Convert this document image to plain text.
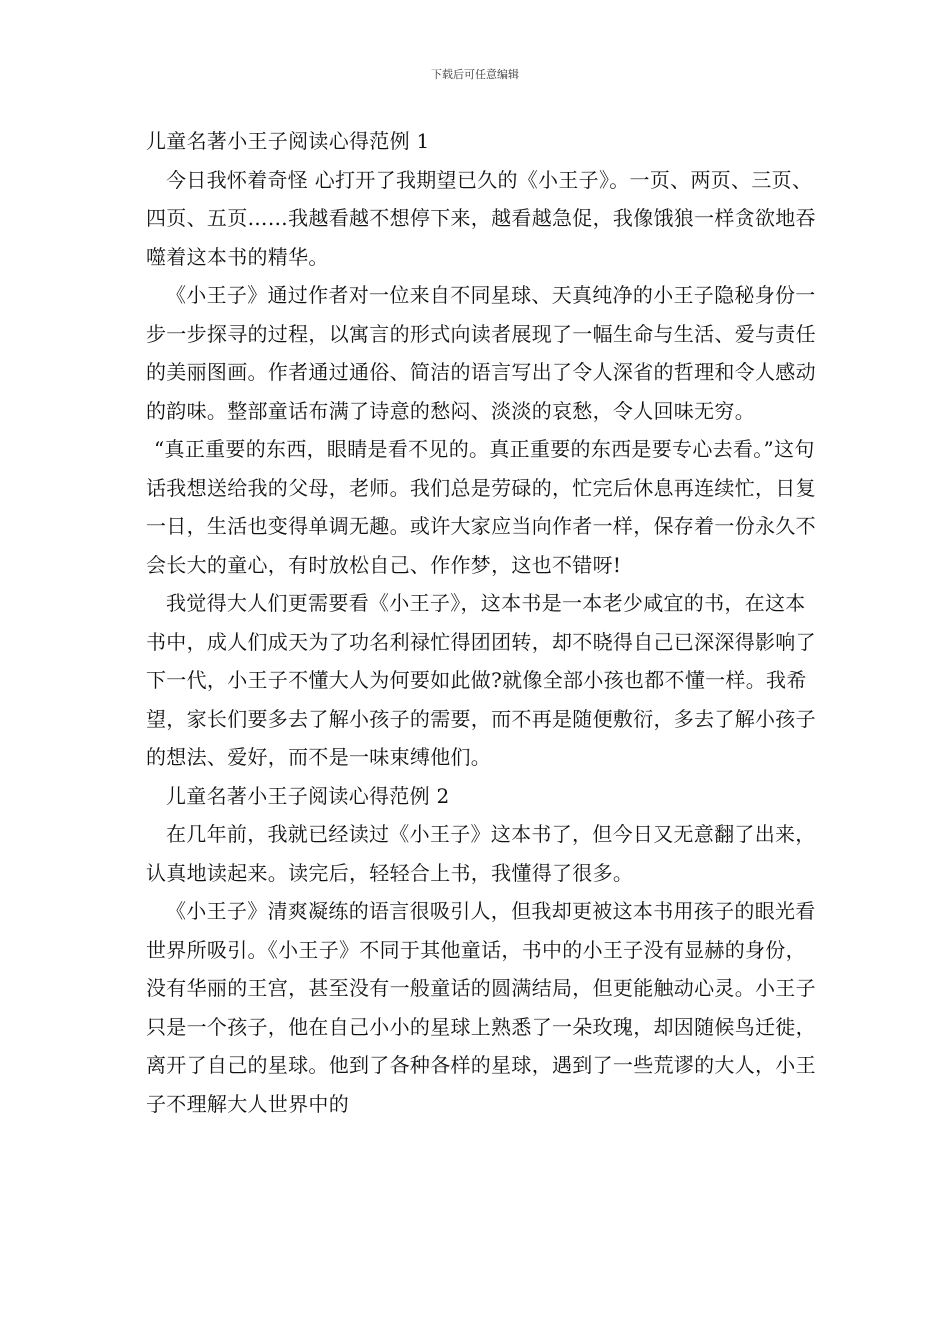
下载后可任意编辑

儿童名著小王子阅读心得范例 1

今日我怀着奇怪 心打开了我期望已久的《小王子》。一页、两页、三页、四页、五页……我越看越不想停下来，越看越急促，我像饿狼一样贪欲地吞噬着这本书的精华。

《小王子》通过作者对一位来自不同星球、天真纯净的小王子隐秘身份一步一步探寻的过程，以寓言的形式向读者展现了一幅生命与生活、爱与责任的美丽图画。作者通过通俗、简洁的语言写出了令人深省的哲理和令人感动的韵味。整部童话布满了诗意的愁闷、淡淡的哀愁，令人回味无穷。

“真正重要的东西，眼睛是看不见的。真正重要的东西是要专心去看。”这句话我想送给我的父母，老师。我们总是劳碌的，忙完后休息再连续忙，日复一日，生活也变得单调无趣。或许大家应当向作者一样，保存着一份永久不会长大的童心，有时放松自己、作作梦，这也不错呀!

我觉得大人们更需要看《小王子》，这本书是一本老少咸宜的书，在这本书中，成人们成天为了功名利禄忙得团团转，却不晓得自己已深深得影响了下一代，小王子不懂大人为何要如此做?就像全部小孩也都不懂一样。我希望，家长们要多去了解小孩子的需要，而不再是随便敷衍，多去了解小孩子的想法、爱好，而不是一味束缚他们。

儿童名著小王子阅读心得范例 2

在几年前，我就已经读过《小王子》这本书了，但今日又无意翻了出来，认真地读起来。读完后，轻轻合上书，我懂得了很多。

《小王子》清爽凝练的语言很吸引人，但我却更被这本书用孩子的眼光看世界所吸引。《小王子》不同于其他童话，书中的小王子没有显赫的身份，没有华丽的王宫，甚至没有一般童话的圆满结局，但更能触动心灵。小王子只是一个孩子，他在自己小小的星球上熟悉了一朵玫瑰，却因随候鸟迁徙，离开了自己的星球。他到了各种各样的星球，遇到了一些荒谬的大人，小王子不理解大人世界中的
